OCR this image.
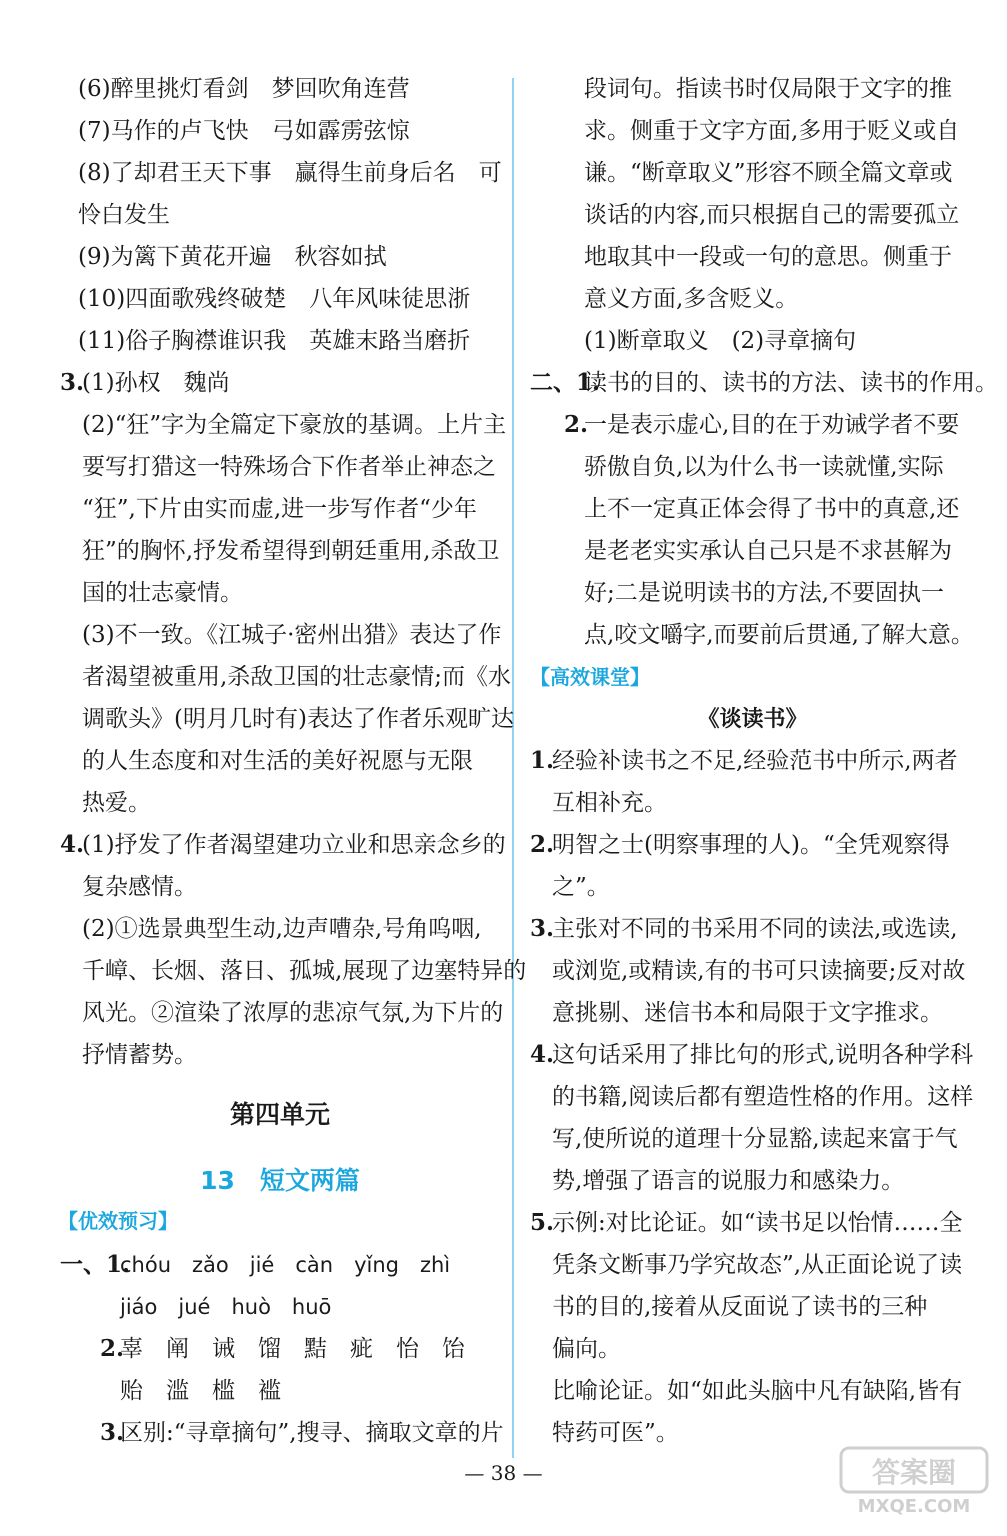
(6)醉里挑灯看剑　梦回吹角连营
(7)马作的卢飞快　弓如霹雳弦惊
(8)了却君王天下事　赢得生前身后名　可
怜白发生
(9)为篱下黄花开遍　秋容如拭
(10)四面歌残终破楚　八年风味徒思浙
(11)俗子胸襟谁识我　英雄末路当磨折
3.
(1)孙权　魏尚
(2)“狂”字为全篇定下豪放的基调。上片主
要写打猎这一特殊场合下作者举止神态之
“狂”,下片由实而虚,进一步写作者“少年
狂”的胸怀,抒发希望得到朝廷重用,杀敌卫
国的壮志豪情。
(3)不一致。《江城子·密州出猎》表达了作
者渴望被重用,杀敌卫国的壮志豪情;而《水
调歌头》(明月几时有)表达了作者乐观旷达
的人生态度和对生活的美好祝愿与无限
热爱。
4.
(1)抒发了作者渴望建功立业和思亲念乡的
复杂感情。
(2)①选景典型生动,边声嘈杂,号角呜咽,
千嶂、长烟、落日、孤城,展现了边塞特异的
风光。②渲染了浓厚的悲凉气氛,为下片的
抒情蓄势。
第四单元
13　短文两篇
【优效预习】
一、1.
chóu　zǎo　jié　càn　yǐng　zhì
jiáo　jué　huò　huō
2.
辜　阐　诫　馏　黠　疵　怡　饴
贻　滥　槛　褴
3.
区别:“寻章摘句”,搜寻、摘取文章的片
段词句。指读书时仅局限于文字的推
求。侧重于文字方面,多用于贬义或自
谦。“断章取义”形容不顾全篇文章或
谈话的内容,而只根据自己的需要孤立
地取其中一段或一句的意思。侧重于
意义方面,多含贬义。
(1)断章取义　(2)寻章摘句
二、1.
读书的目的、读书的方法、读书的作用。
2.
一是表示虚心,目的在于劝诫学者不要
骄傲自负,以为什么书一读就懂,实际
上不一定真正体会得了书中的真意,还
是老老实实承认自己只是不求甚解为
好;二是说明读书的方法,不要固执一
点,咬文嚼字,而要前后贯通,了解大意。
【高效课堂】
《谈读书》
1.
经验补读书之不足,经验范书中所示,两者
互相补充。
2.
明智之士(明察事理的人)。“全凭观察得
之”。
3.
主张对不同的书采用不同的读法,或选读,
或浏览,或精读,有的书可只读摘要;反对故
意挑剔、迷信书本和局限于文字推求。
4.
这句话采用了排比句的形式,说明各种学科
的书籍,阅读后都有塑造性格的作用。这样
写,使所说的道理十分显豁,读起来富于气
势,增强了语言的说服力和感染力。
5.
示例:对比论证。如“读书足以怡情……全
凭条文断事乃学究故态”,从正面论说了读
书的目的,接着从反面说了读书的三种
偏向。
比喻论证。如“如此头脑中凡有缺陷,皆有
特药可医”。
— 38 —	答案圈
MXQE.COM
